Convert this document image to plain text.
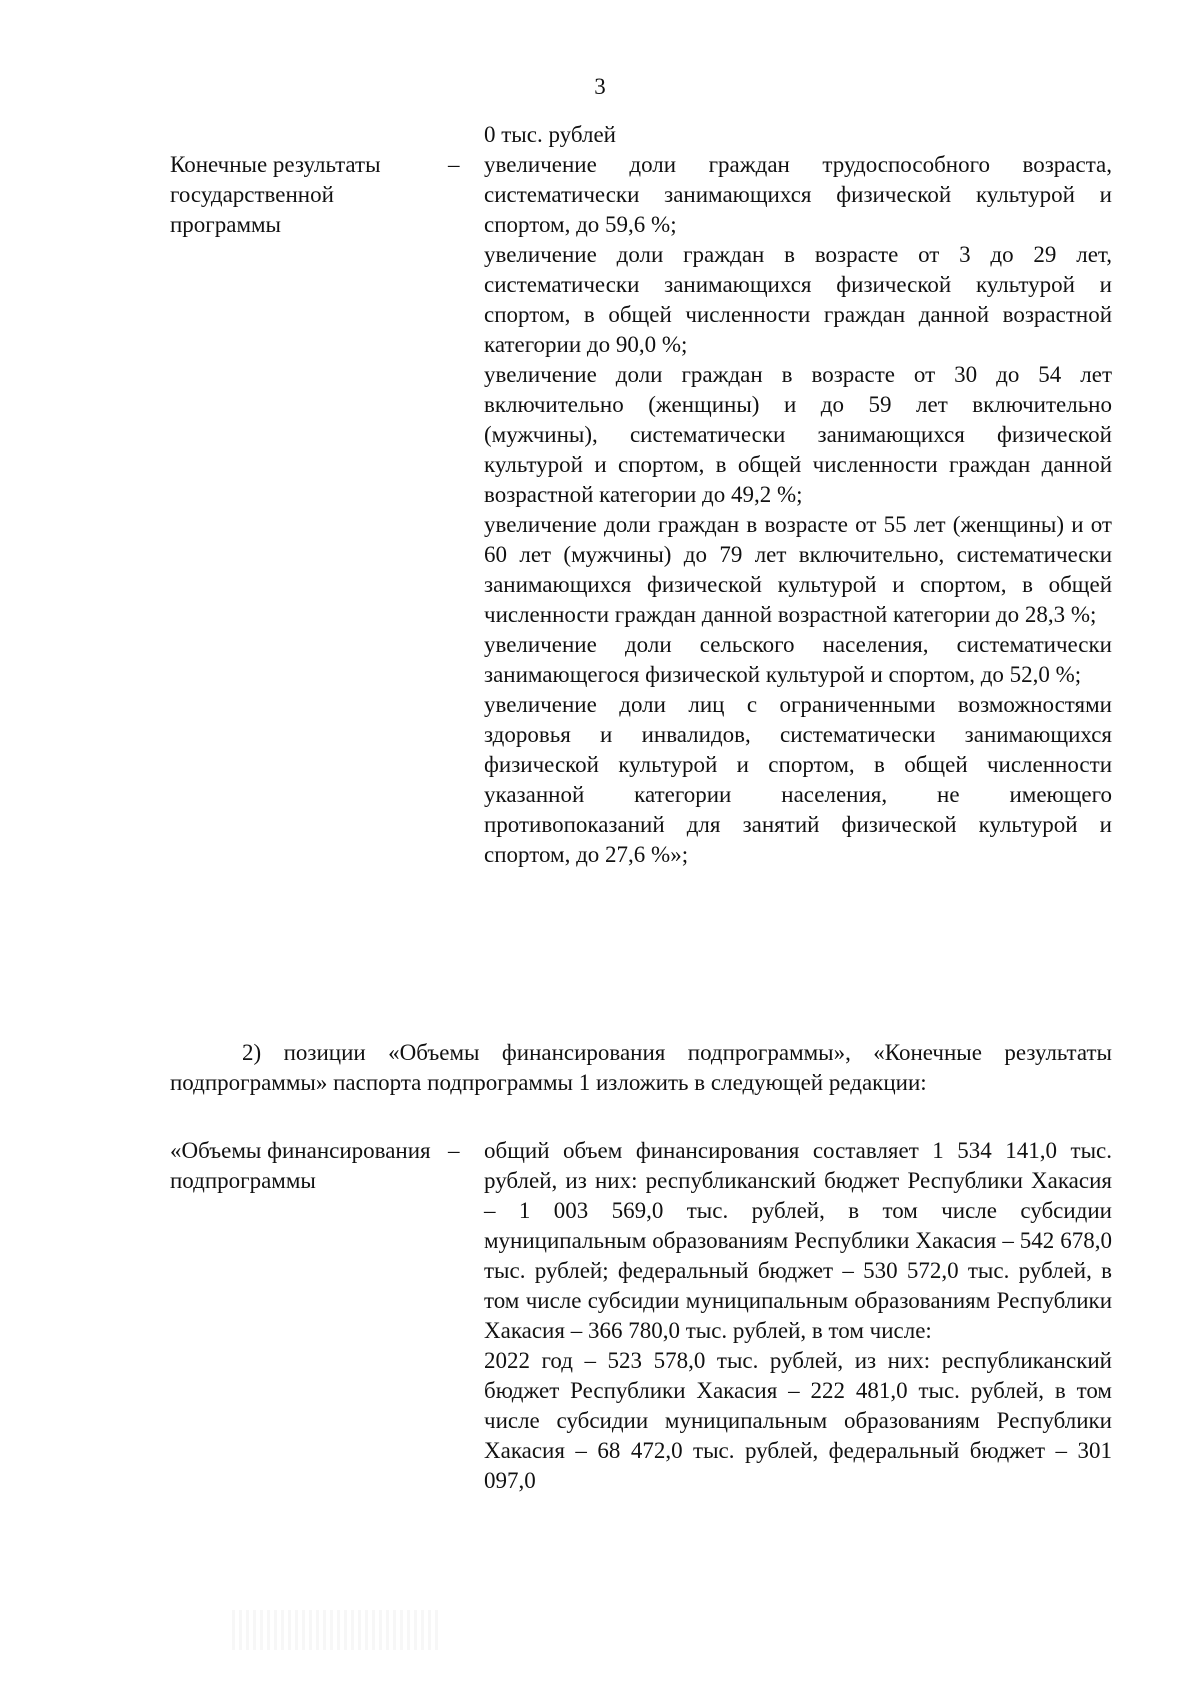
3
0 тыс. рублей
Конечные результаты государственной программы
–	увеличение доли граждан трудоспособного возраста, систематически занимающихся физической культурой и спортом, до 59,6 %;

увеличение доли граждан в возрасте от 3 до 29 лет, систематически занимающихся физической культурой и спортом, в общей численности граждан данной возрастной категории до 90,0 %;

увеличение доли граждан в возрасте от 30 до 54 лет включительно (женщины) и до 59 лет включительно (мужчины), систематически занимающихся физической культурой и спортом, в общей численности граждан данной возрастной категории до 49,2 %;

увеличение доли граждан в возрасте от 55 лет (женщины) и от 60 лет (мужчины) до 79 лет включительно, систематически занимающихся физической культурой и спортом, в общей численности граждан данной возрастной категории до 28,3 %;

увеличение доли сельского населения, систематически занимающегося физической культурой и спортом, до 52,0 %;

увеличение доли лиц с ограниченными возможностями здоровья и инвалидов, систематически занимающихся физической культурой и спортом, в общей численности указанной категории населения, не имеющего противопоказаний для занятий физической культурой и спортом, до 27,6 %»;

2) позиции «Объемы финансирования подпрограммы», «Конечные результаты подпрограммы» паспорта подпрограммы 1 изложить в следующей редакции:

«Объемы финансирования подпрограммы
–	общий объем финансирования составляет 1 534 141,0 тыс. рублей, из них: республиканский бюджет Республики Хакасия – 1 003 569,0 тыс. рублей, в том числе субсидии муниципальным образованиям Республики Хакасия – 542 678,0 тыс. рублей; федеральный бюджет – 530 572,0 тыс. рублей, в том числе субсидии муниципальным образованиям Республики Хакасия – 366 780,0 тыс. рублей, в том числе:

2022 год – 523 578,0 тыс. рублей, из них: республиканский бюджет Республики Хакасия – 222 481,0 тыс. рублей, в том числе субсидии муниципальным образованиям Республики Хакасия – 68 472,0 тыс. рублей, федеральный бюджет – 301 097,0
